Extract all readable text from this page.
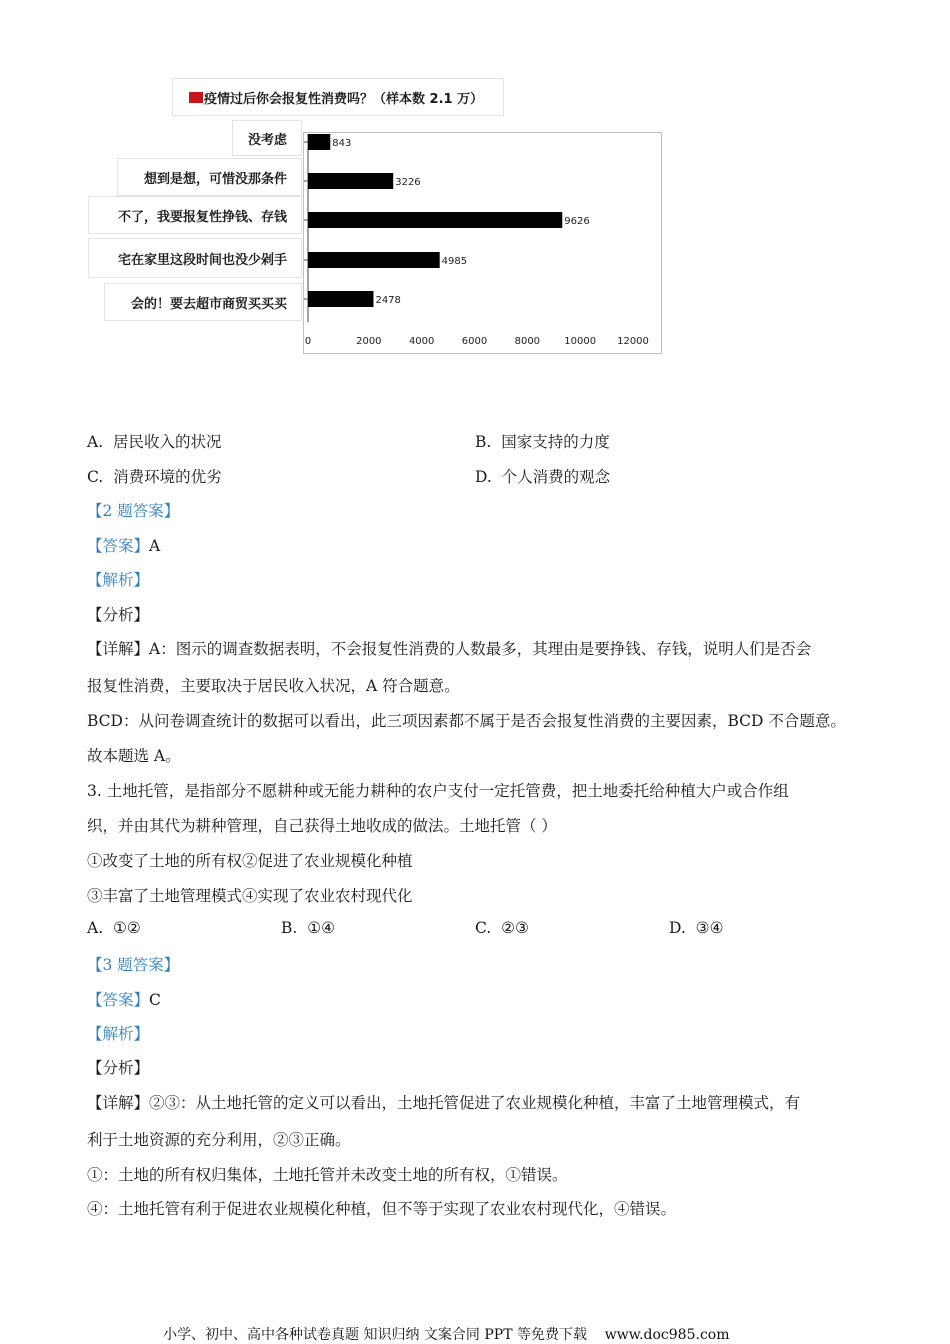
疫情过后你会报复性消费吗？（样本数 2.1 万）
没考虑
想到是想，可惜没那条件
不了，我要报复性挣钱、存钱
宅在家里这段时间也没少剁手
会的！要去超市商贸买买买
843
3226
9626
4985
2478
0	2000	4000	6000	8000 10000 12000
A. 居民收入的状况	B. 国家支持的力度
C. 消费环境的优劣	D. 个人消费的观念
【2 题答案】
【答案】A
【解析】
【分析】
【详解】A：图示的调查数据表明，不会报复性消费的人数最多，其理由是要挣钱、存钱，说明人们是否会
报复性消费，主要取决于居民收入状况，A 符合题意。
BCD：从问卷调查统计的数据可以看出，此三项因素都不属于是否会报复性消费的主要因素，BCD 不合题意。
故本题选 A。
3. 土地托管，是指部分不愿耕种或无能力耕种的农户支付一定托管费，把土地委托给种植大户或合作组
织，并由其代为耕种管理，自己获得土地收成的做法。土地托管（ ）
①改变了土地的所有权②促进了农业规模化种植
③丰富了土地管理模式④实现了农业农村现代化
A. ①②	B. ①④	C. ②③	D. ③④
【3 题答案】
【答案】C
【解析】
【分析】
【详解】②③：从土地托管的定义可以看出，土地托管促进了农业规模化种植，丰富了土地管理模式，有
利于土地资源的充分利用，②③正确。
①：土地的所有权归集体，土地托管并未改变土地的所有权，①错误。
④：土地托管有利于促进农业规模化种植，但不等于实现了农业农村现代化，④错误。
小学、初中、高中各种试卷真题 知识归纳 文案合同 PPT 等免费下载 www.doc985.com
